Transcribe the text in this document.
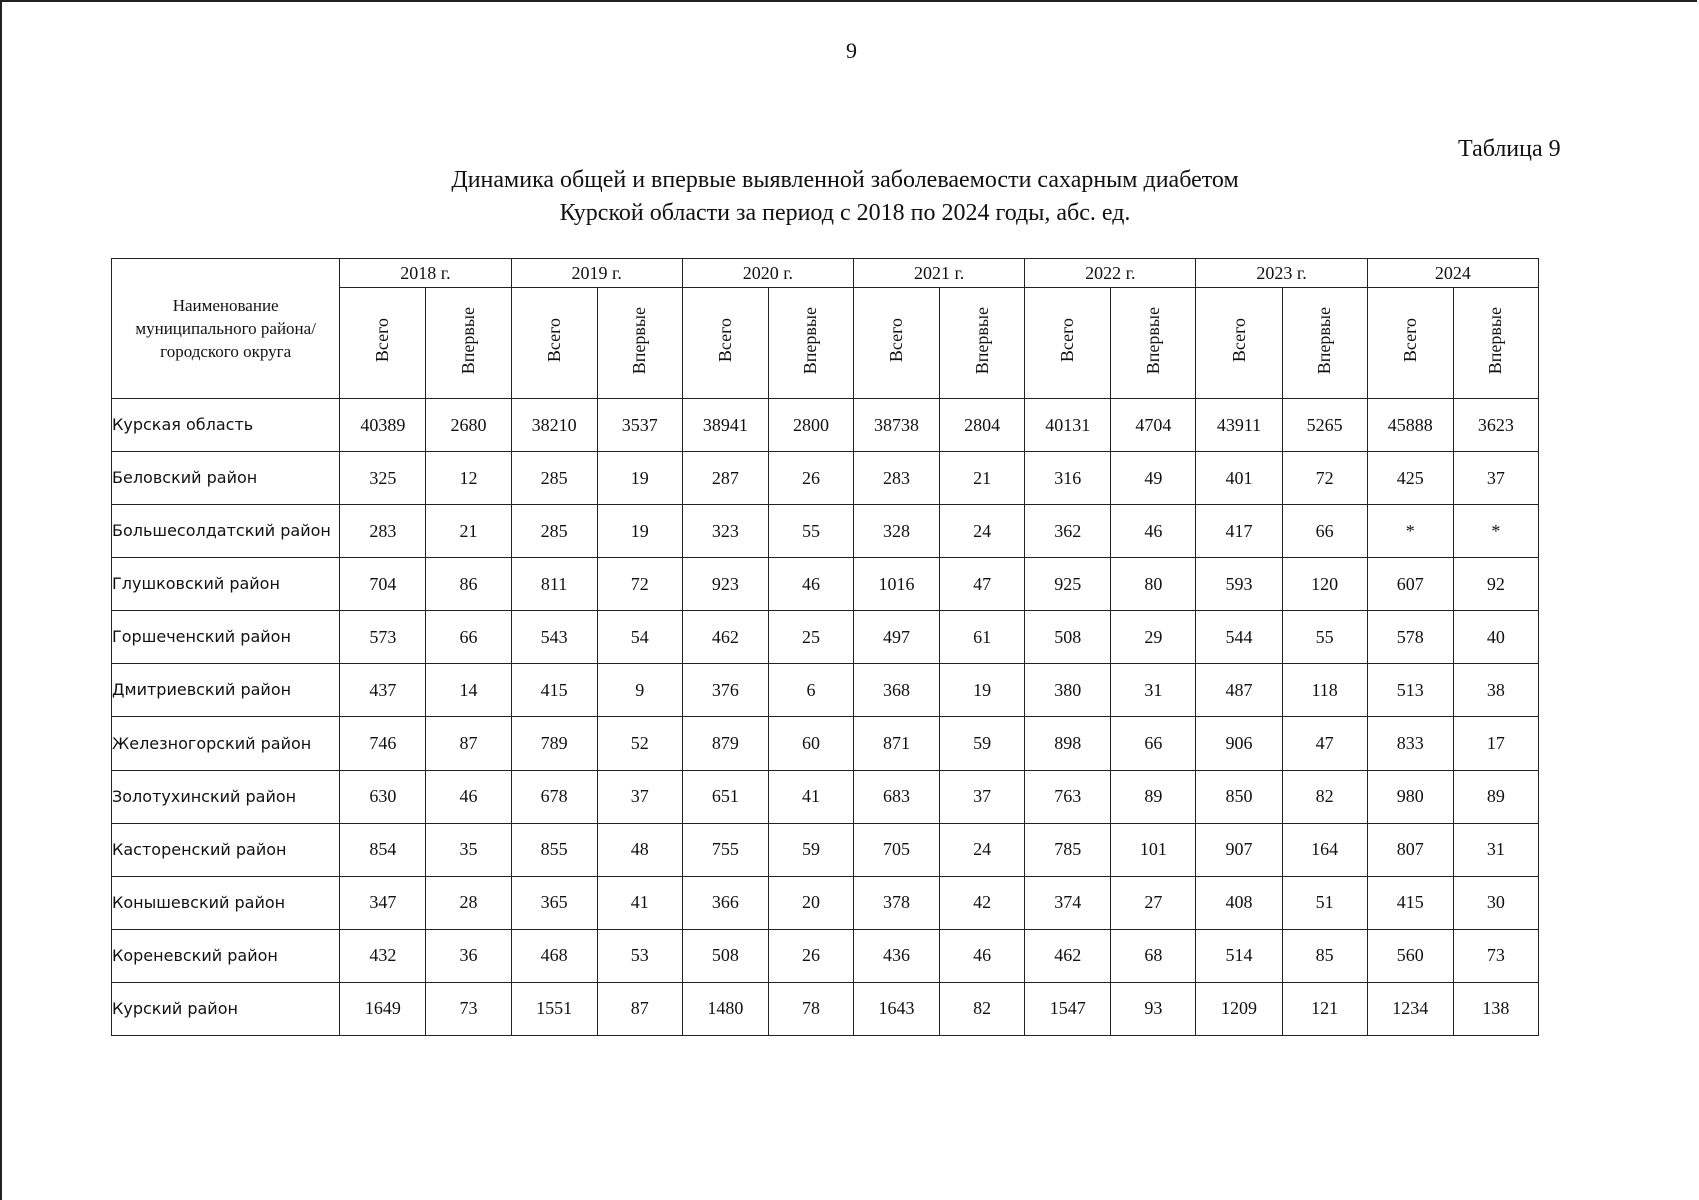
9
Таблица 9
Динамика общей и впервые выявленной заболеваемости сахарным диабетом
Курской области за период с 2018 по 2024 годы, абс. ед.
Наименование муниципального района/ городского округа	2018 г.		2019 г.		2020 г.		2021 г.		2022 г.		2023 г.		2024	
	Всего	Впервые	Всего	Впервые	Всего	Впервые	Всего	Впервые	Всего	Впервые	Всего	Впервые	Всего	Впервые
Курская область	40389	2680	38210	3537	38941	2800	38738	2804	40131	4704	43911	5265	45888	3623
Беловский район	325	12	285	19	287	26	283	21	316	49	401	72	425	37
Большесолдатский район	283	21	285	19	323	55	328	24	362	46	417	66	*	*
Глушковский район	704	86	811	72	923	46	1016	47	925	80	593	120	607	92
Горшеченский район	573	66	543	54	462	25	497	61	508	29	544	55	578	40
Дмитриевский район	437	14	415	9	376	6	368	19	380	31	487	118	513	38
Железногорский район	746	87	789	52	879	60	871	59	898	66	906	47	833	17
Золотухинский район	630	46	678	37	651	41	683	37	763	89	850	82	980	89
Касторенский район	854	35	855	48	755	59	705	24	785	101	907	164	807	31
Конышевский район	347	28	365	41	366	20	378	42	374	27	408	51	415	30
Кореневский район	432	36	468	53	508	26	436	46	462	68	514	85	560	73
Курский район	1649	73	1551	87	1480	78	1643	82	1547	93	1209	121	1234	138
